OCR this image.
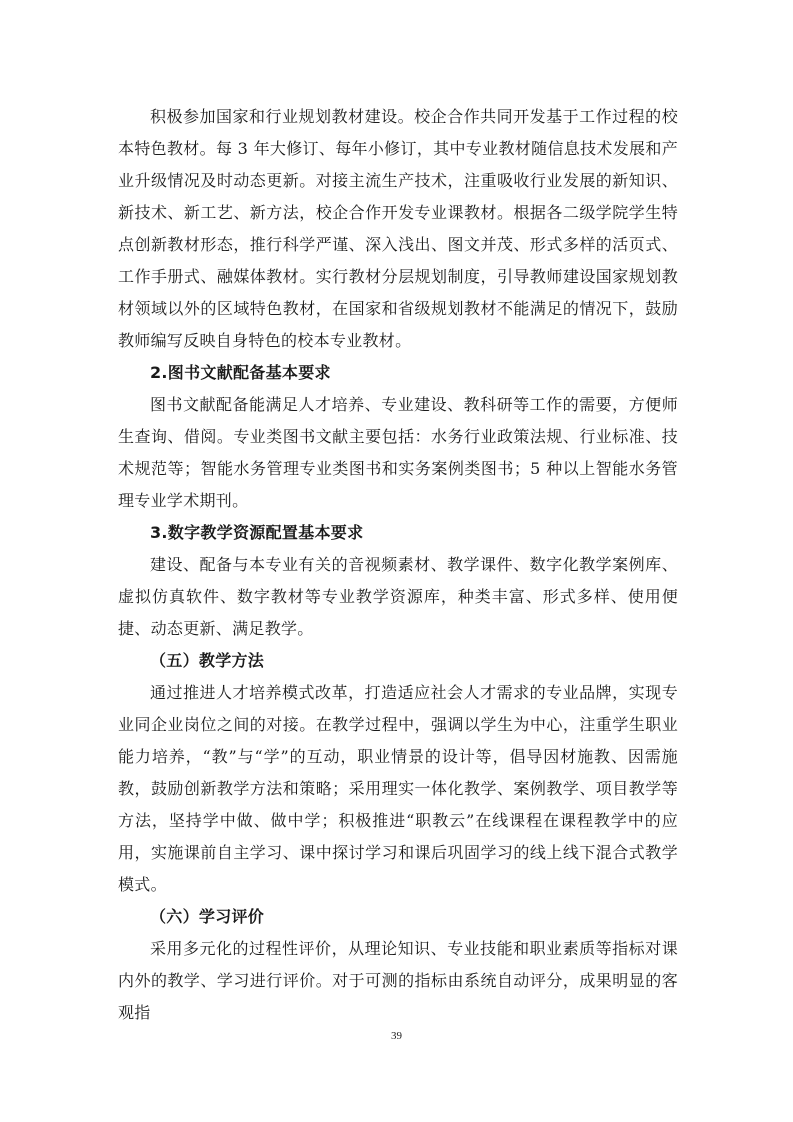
积极参加国家和行业规划教材建设。校企合作共同开发基于工作过程的校本特色教材。每 3 年大修订、每年小修订，其中专业教材随信息技术发展和产业升级情况及时动态更新。对接主流生产技术，注重吸收行业发展的新知识、新技术、新工艺、新方法，校企合作开发专业课教材。根据各二级学院学生特点创新教材形态，推行科学严谨、深入浅出、图文并茂、形式多样的活页式、工作手册式、融媒体教材。实行教材分层规划制度，引导教师建设国家规划教材领域以外的区域特色教材，在国家和省级规划教材不能满足的情况下，鼓励教师编写反映自身特色的校本专业教材。

2.图书文献配备基本要求

图书文献配备能满足人才培养、专业建设、教科研等工作的需要，方便师生查询、借阅。专业类图书文献主要包括：水务行业政策法规、行业标准、技术规范等；智能水务管理专业类图书和实务案例类图书；5 种以上智能水务管理专业学术期刊。

3.数字教学资源配置基本要求

建设、配备与本专业有关的音视频素材、教学课件、数字化教学案例库、虚拟仿真软件、数字教材等专业教学资源库，种类丰富、形式多样、使用便捷、动态更新、满足教学。

（五）教学方法

通过推进人才培养模式改革，打造适应社会人才需求的专业品牌，实现专业同企业岗位之间的对接。在教学过程中，强调以学生为中心，注重学生职业能力培养，“教”与“学”的互动，职业情景的设计等，倡导因材施教、因需施教，鼓励创新教学方法和策略；采用理实一体化教学、案例教学、项目教学等方法，坚持学中做、做中学；积极推进“职教云”在线课程在课程教学中的应用，实施课前自主学习、课中探讨学习和课后巩固学习的线上线下混合式教学模式。

（六）学习评价

采用多元化的过程性评价，从理论知识、专业技能和职业素质等指标对课内外的教学、学习进行评价。对于可测的指标由系统自动评分，成果明显的客观指

39
